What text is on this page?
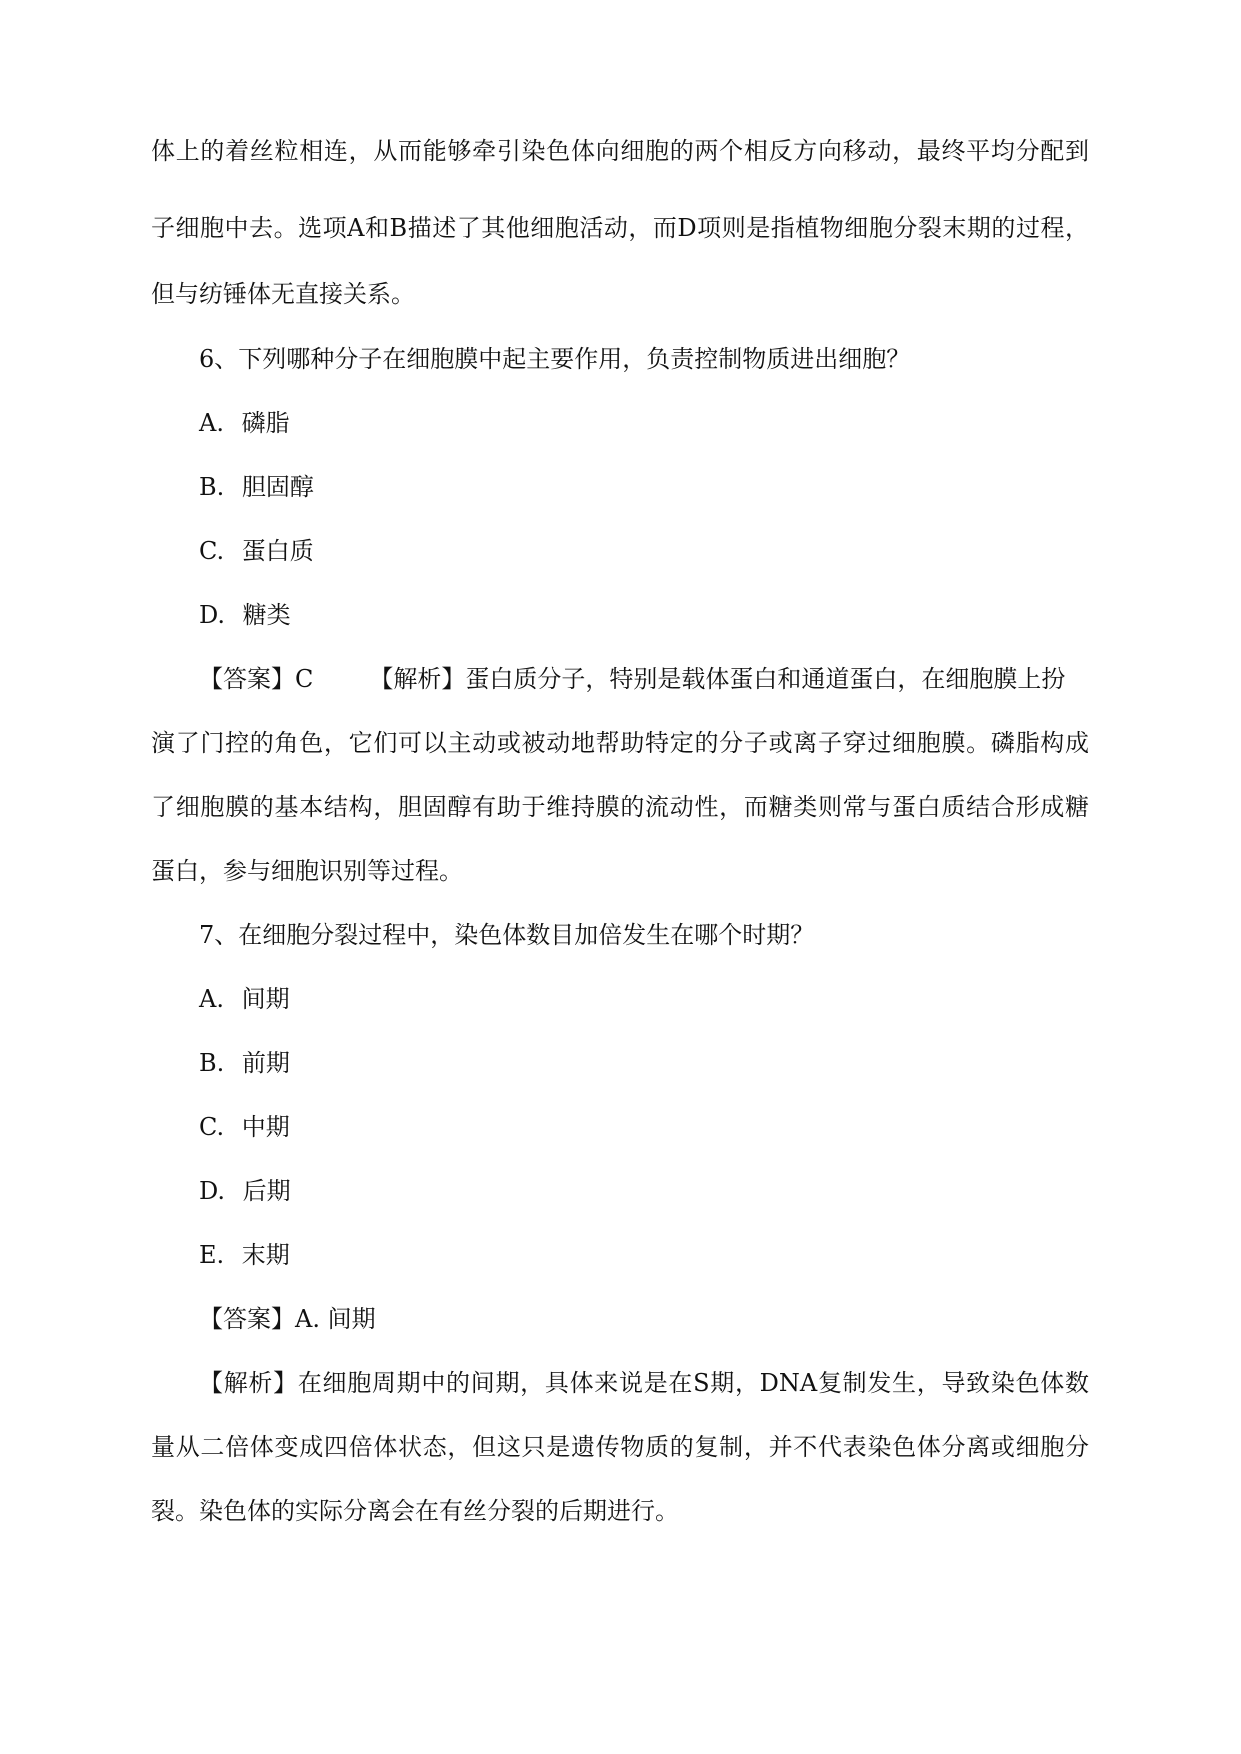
体上的着丝粒相连，从而能够牵引染色体向细胞的两个相反方向移动，最终平均分配到
子细胞中去。选项A和B描述了其他细胞活动，而D项则是指植物细胞分裂末期的过程，
但与纺锤体无直接关系。
6、下列哪种分子在细胞膜中起主要作用，负责控制物质进出细胞？
A. 磷脂
B. 胆固醇
C. 蛋白质
D. 糖类
【答案】C 【解析】蛋白质分子，特别是载体蛋白和通道蛋白，在细胞膜上扮
演了门控的角色，它们可以主动或被动地帮助特定的分子或离子穿过细胞膜。磷脂构成
了细胞膜的基本结构，胆固醇有助于维持膜的流动性，而糖类则常与蛋白质结合形成糖
蛋白，参与细胞识别等过程。
7、在细胞分裂过程中，染色体数目加倍发生在哪个时期？
A. 间期
B. 前期
C. 中期
D. 后期
E. 末期
【答案】A. 间期
【解析】在细胞周期中的间期，具体来说是在S期，DNA复制发生，导致染色体数
量从二倍体变成四倍体状态，但这只是遗传物质的复制，并不代表染色体分离或细胞分
裂。染色体的实际分离会在有丝分裂的后期进行。
